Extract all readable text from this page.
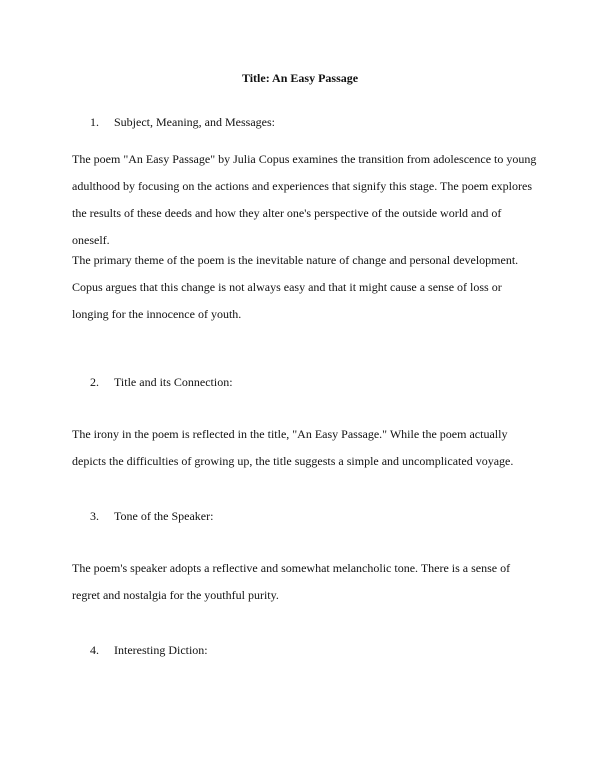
Title: An Easy Passage
1. Subject, Meaning, and Messages:
The poem "An Easy Passage" by Julia Copus examines the transition from adolescence to young
adulthood by focusing on the actions and experiences that signify this stage. The poem explores
the results of these deeds and how they alter one's perspective of the outside world and of
oneself.
The primary theme of the poem is the inevitable nature of change and personal development.
Copus argues that this change is not always easy and that it might cause a sense of loss or
longing for the innocence of youth.
2. Title and its Connection:
The irony in the poem is reflected in the title, "An Easy Passage." While the poem actually
depicts the difficulties of growing up, the title suggests a simple and uncomplicated voyage.
3. Tone of the Speaker:
The poem's speaker adopts a reflective and somewhat melancholic tone. There is a sense of
regret and nostalgia for the youthful purity.
4. Interesting Diction:
